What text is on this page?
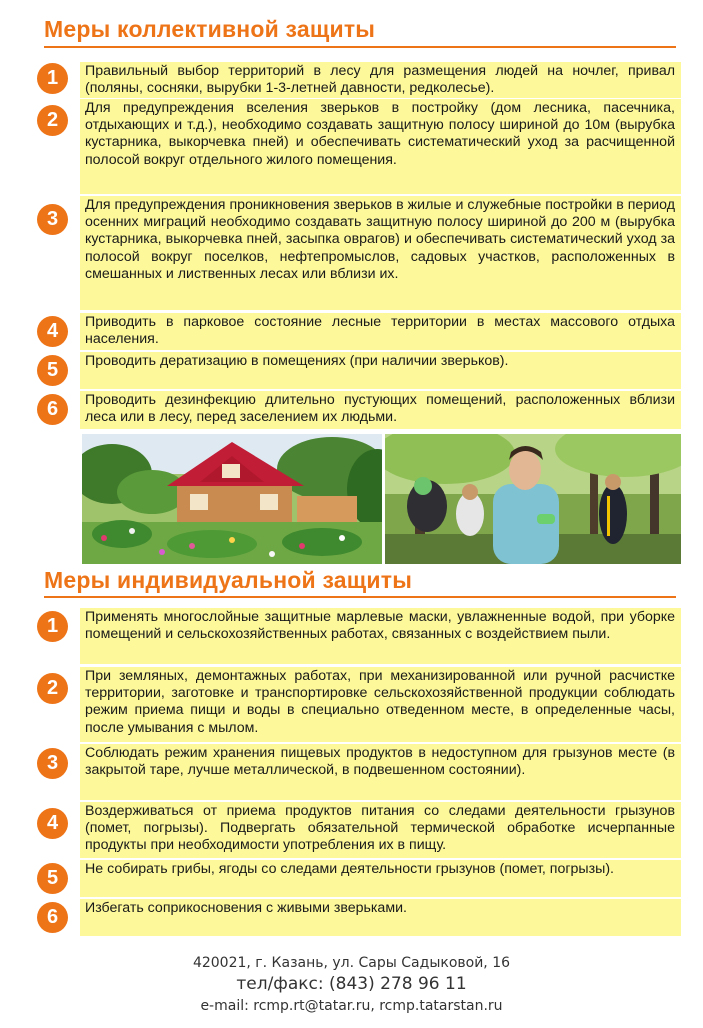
Меры коллективной защиты
1	Правильный выбор территорий в лесу для размещения людей на ночлег, привал (поляны, сосняки, вырубки 1-3-летней давности, редколесье).
2
Для предупреждения вселения зверьков в постройку (дом лесника, пасечника, отдыхающих и т.д.), необходимо создавать защитную полосу шириной до 10м (вырубка кустарника, выкорчевка пней) и обеспечивать систематический уход за расчищенной полосой вокруг отдельного жилого помещения.
3
Для предупреждения проникновения зверьков в жилые и служебные постройки в период осенних миграций необходимо создавать защитную полосу шириной до 200 м (вырубка кустарника, выкорчевка пней, засыпка оврагов) и обеспечивать систематический уход за полосой вокруг поселков, нефтепромыслов, садовых участков, расположенных в смешанных и лиственных лесах или вблизи их.
4	Приводить в парковое состояние лесные территории в местах массового отдыха населения.
5	Проводить дератизацию в помещениях (при наличии зверьков).
6	Проводить дезинфекцию длительно пустующих помещений, расположенных вблизи леса или в лесу, перед заселением их людьми.
Меры индивидуальной защиты
1	Применять многослойные защитные марлевые маски, увлажненные водой, при уборке помещений и сельскохозяйственных работах, связанных с воздействием пыли.
2
При земляных, демонтажных работах, при механизированной или ручной расчистке территории, заготовке и транспортировке сельскохозяйственной продукции соблюдать режим приема пищи и воды в специально отведенном месте, в определенные часы, после умывания с мылом.
3	Соблюдать режим хранения пищевых продуктов в недоступном для грызунов месте (в закрытой таре, лучше металлической, в подвешенном состоянии).
4
Воздерживаться от приема продуктов питания со следами деятельности грызунов (помет, погрызы). Подвергать обязательной термической обработке исчерпанные продукты при необходимости употребления их в пищу.
5	Не собирать грибы, ягоды со следами деятельности грызунов (помет, погрызы).
6	Избегать соприкосновения с живыми зверьками.
420021, г. Казань, ул. Сары Садыковой, 16
тел/факс: (843) 278 96 11
e-mail: rcmp.rt@tatar.ru, rcmp.tatarstan.ru
